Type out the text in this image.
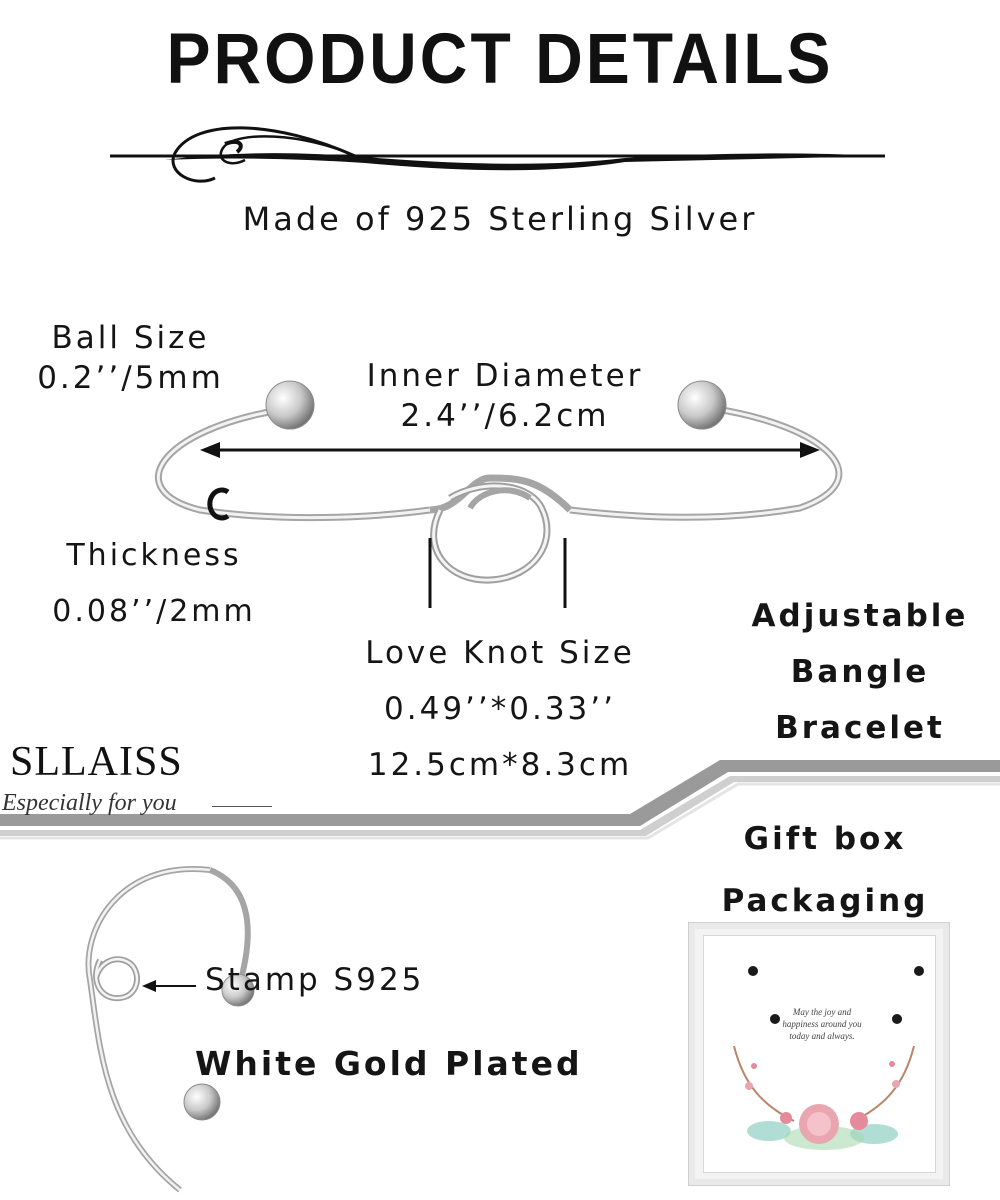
PRODUCT DETAILS
Made of 925 Sterling Silver
Ball Size
0.2’’/5mm	Inner Diameter
2.4’’/6.2cm
Thickness
0.08’’/2mm
Love Knot Size
0.49’’*0.33’’
12.5cm*8.3cm
Adjustable
Bangle
Bracelet
SLLAISS
Especially for you
Stamp S925
White Gold Plated
Gift box
Packaging
May the joy and
happiness around you
today and always.
